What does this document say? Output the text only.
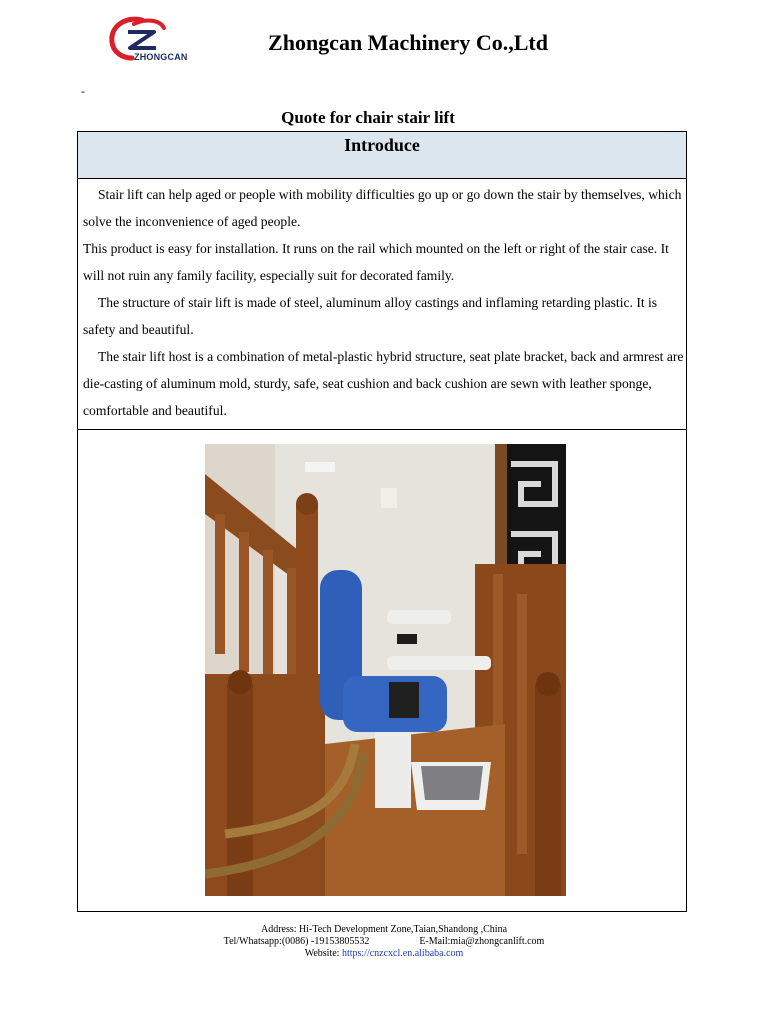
ZHONGCAN
Zhongcan Machinery Co.,Ltd
-
Quote for chair stair lift
Introduce

Stair lift can help aged or people with mobility difficulties go up or go down the stair by themselves, which solve the inconvenience of aged people.

This product is easy for installation. It runs on the rail which mounted on the left or right of the stair case. It will not ruin any family facility, especially suit for decorated family.

The structure of stair lift is made of steel, aluminum alloy castings and inflaming retarding plastic. It is safety and beautiful.

The stair lift host is a combination of metal-plastic hybrid structure, seat plate bracket, back and armrest are die-casting of aluminum mold, sturdy, safe, seat cushion and back cushion are sewn with leather sponge, comfortable and beautiful.

Address: Hi-Tech Development Zone,Taian,Shandong ,China
Tel/Whatsapp:(0086) -19153805532	E-Mail:mia@zhongcanlift.com
Website: https://cnzcxcl.en.alibaba.com
